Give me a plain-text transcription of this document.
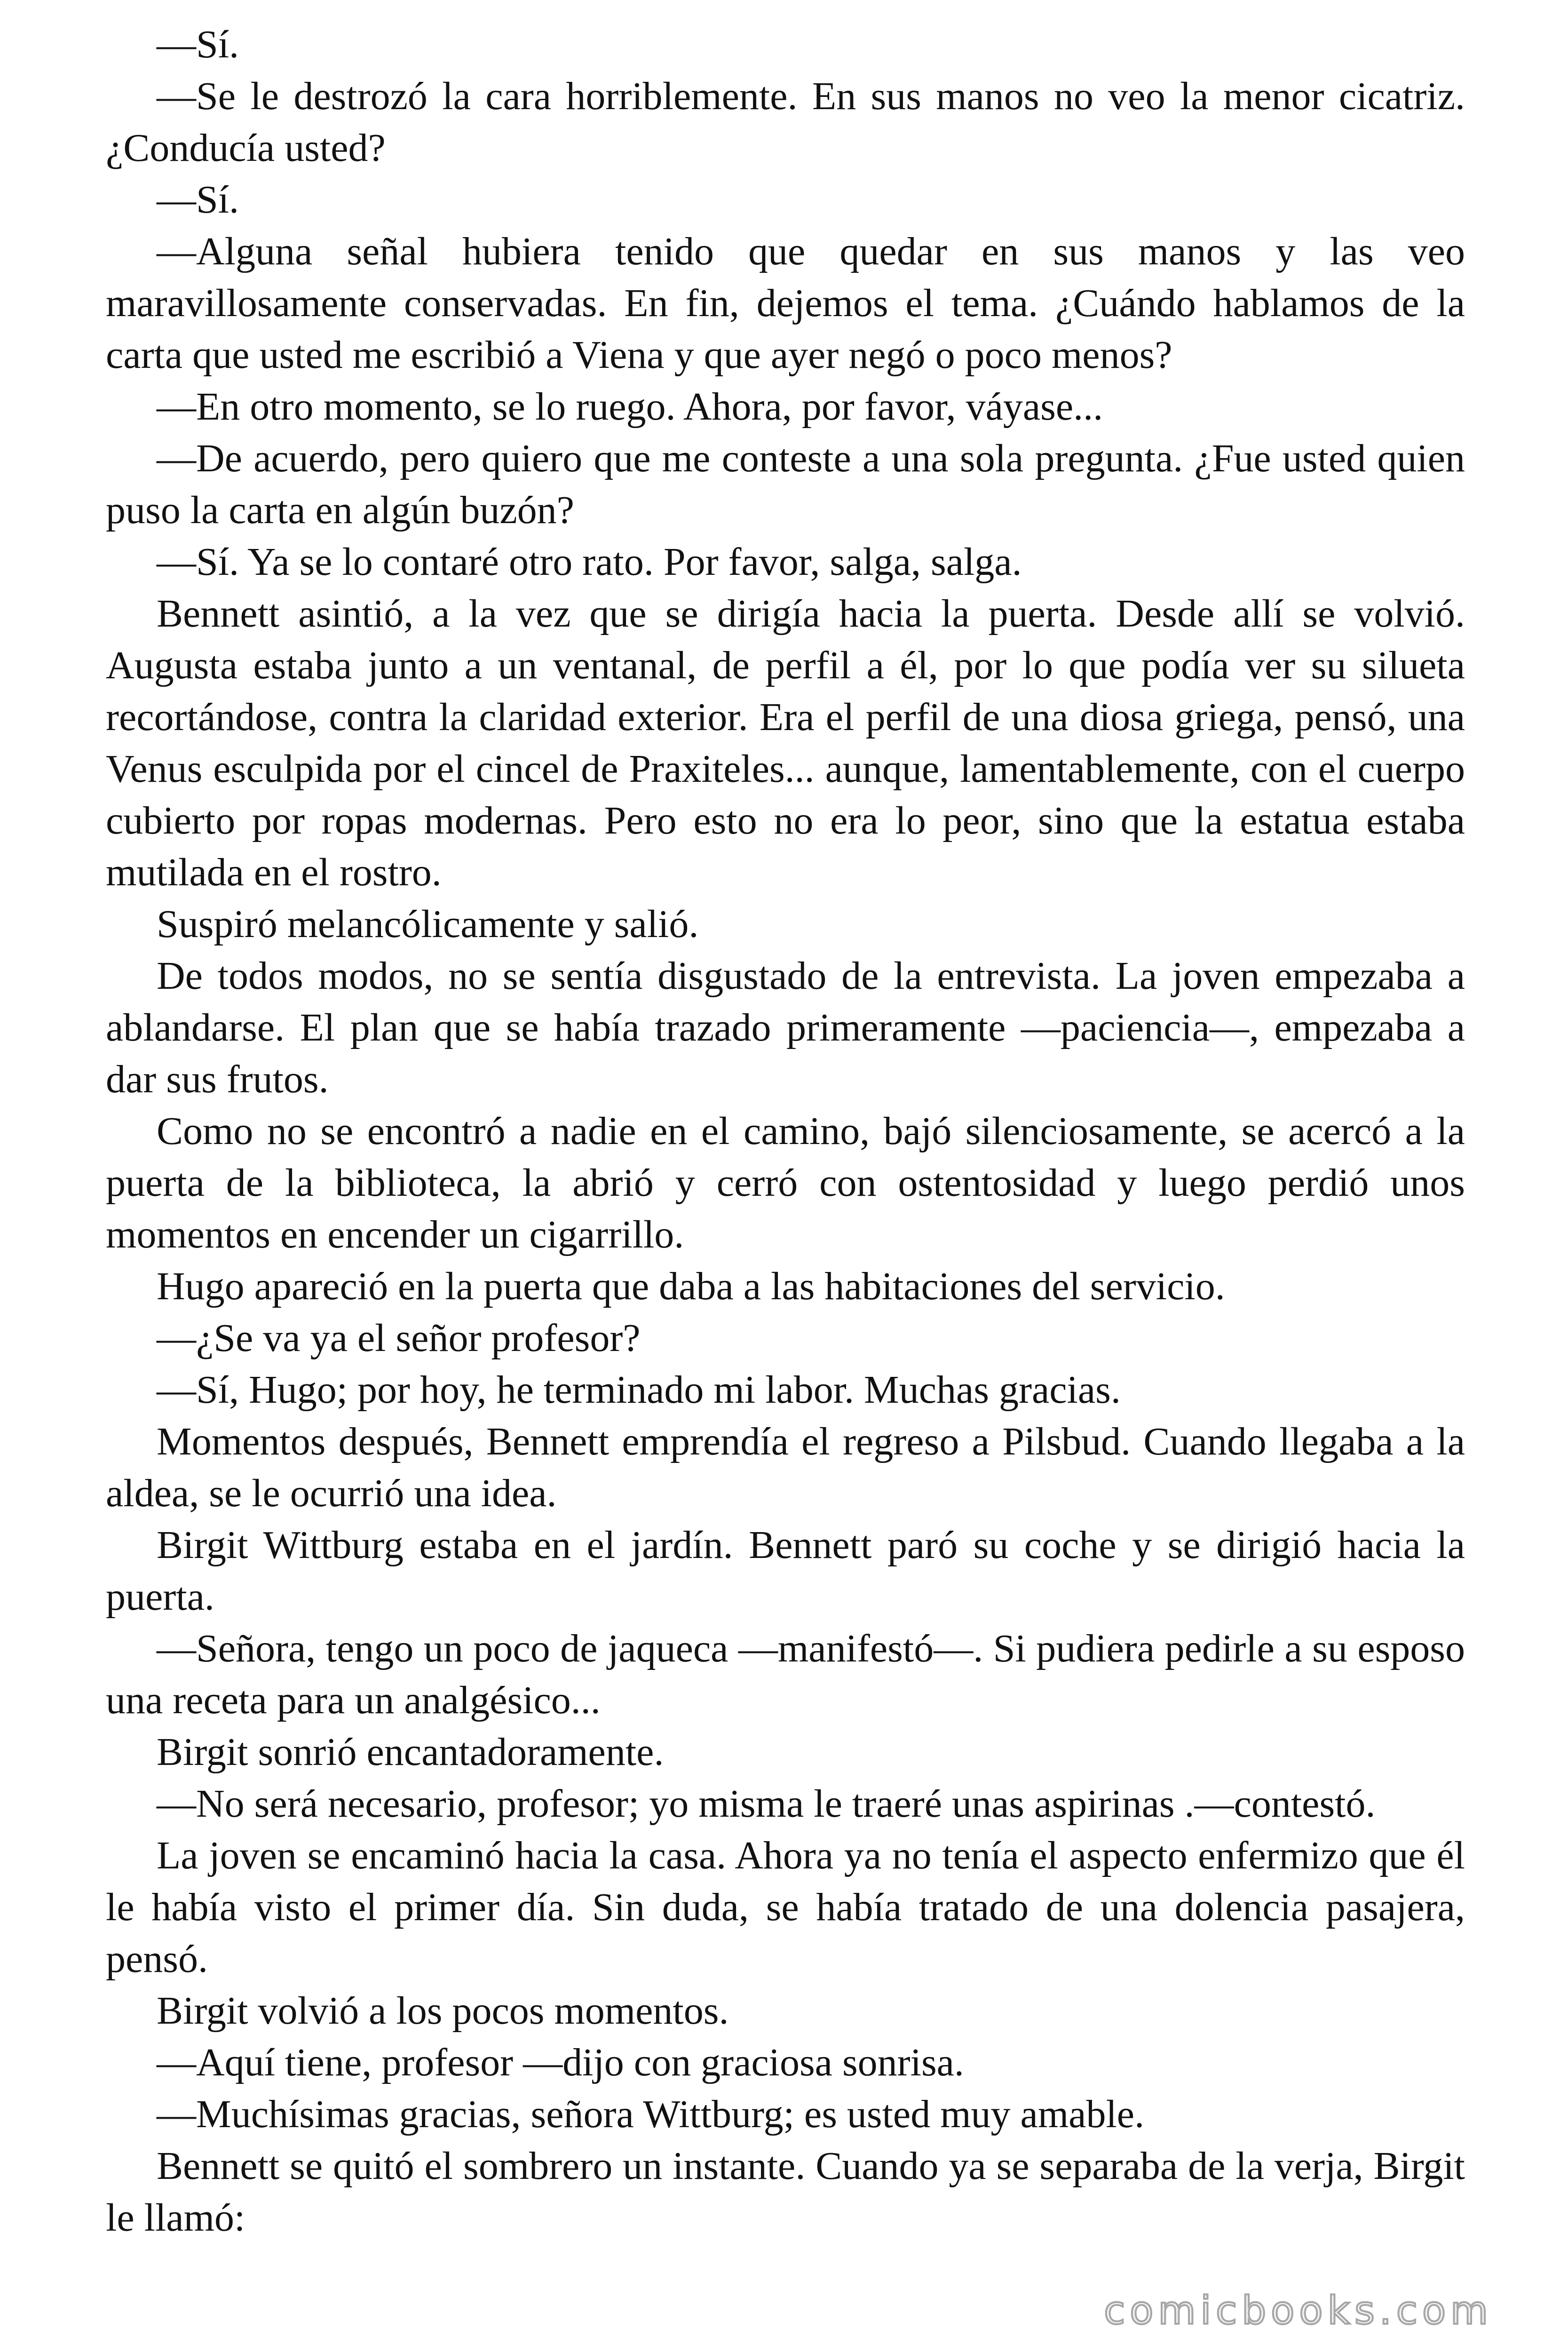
—Sí.

—Se le destrozó la cara horriblemente. En sus manos no veo la menor cicatriz. ¿Conducía usted?

—Sí.

—Alguna señal hubiera tenido que quedar en sus manos y las veo maravillosamente conservadas. En fin, dejemos el tema. ¿Cuándo hablamos de la carta que usted me escribió a Viena y que ayer negó o poco menos?

—En otro momento, se lo ruego. Ahora, por favor, váyase...

—De acuerdo, pero quiero que me conteste a una sola pregunta. ¿Fue usted quien puso la carta en algún buzón?

—Sí. Ya se lo contaré otro rato. Por favor, salga, salga.

Bennett asintió, a la vez que se dirigía hacia la puerta. Desde allí se volvió. Augusta estaba junto a un ventanal, de perfil a él, por lo que podía ver su silueta recortándose, contra la claridad exterior. Era el perfil de una diosa griega, pensó, una Venus esculpida por el cincel de Praxiteles... aunque, lamentablemente, con el cuerpo cubierto por ropas modernas. Pero esto no era lo peor, sino que la estatua estaba mutilada en el rostro.

Suspiró melancólicamente y salió.

De todos modos, no se sentía disgustado de la entrevista. La joven empezaba a ablandarse. El plan que se había trazado primeramente —paciencia—, empezaba a dar sus frutos.

Como no se encontró a nadie en el camino, bajó silenciosamente, se acercó a la puerta de la biblioteca, la abrió y cerró con ostentosidad y luego perdió unos momentos en encender un cigarrillo.

Hugo apareció en la puerta que daba a las habitaciones del servicio.

—¿Se va ya el señor profesor?

—Sí, Hugo; por hoy, he terminado mi labor. Muchas gracias.

Momentos después, Bennett emprendía el regreso a Pilsbud. Cuando llegaba a la aldea, se le ocurrió una idea.

Birgit Wittburg estaba en el jardín. Bennett paró su coche y se dirigió hacia la puerta.

—Señora, tengo un poco de jaqueca —manifestó—. Si pudiera pedirle a su esposo una receta para un analgésico...

Birgit sonrió encantadoramente.

—No será necesario, profesor; yo misma le traeré unas aspirinas .—contestó.

La joven se encaminó hacia la casa. Ahora ya no tenía el aspecto enfermizo que él le había visto el primer día. Sin duda, se había tratado de una dolencia pasajera, pensó.

Birgit volvió a los pocos momentos.

—Aquí tiene, profesor —dijo con graciosa sonrisa.

—Muchísimas gracias, señora Wittburg; es usted muy amable.

Bennett se quitó el sombrero un instante. Cuando ya se separaba de la verja, Birgit le llamó:

comicbooks.com
